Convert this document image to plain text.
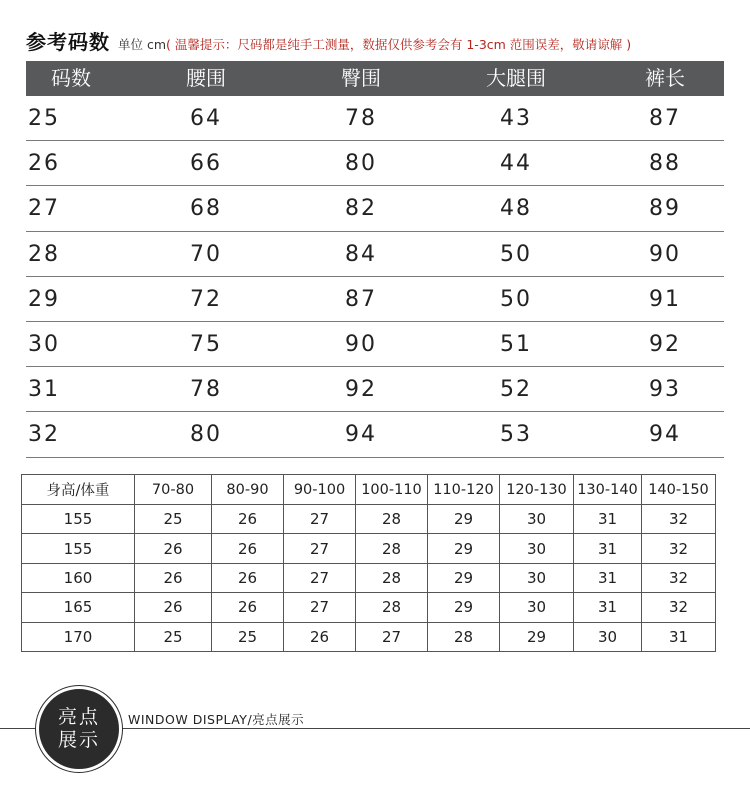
参考码数 单位 cm ( 温馨提示：尺码都是纯手工测量，数据仅供参考会有 1-3cm 范围误差，敬请谅解 )
码数	腰围	臀围	大腿围	裤长
25	64	78	43	87
26	66	80	44	88
27	68	82	48	89
28	70	84	50	90
29	72	87	50	91
30	75	90	51	92
31	78	92	52	93
32	80	94	53	94
身高/体重	70-80	80-90	90-100	100-110	110-120	120-130	130-140	140-150
155	25	26	27	28	29	30	31	32
155	26	26	27	28	29	30	31	32
160	26	26	27	28	29	30	31	32
165	26	26	27	28	29	30	31	32
170	25	25	26	27	28	29	30	31
亮点
展示
WINDOW DISPLAY/亮点展示
